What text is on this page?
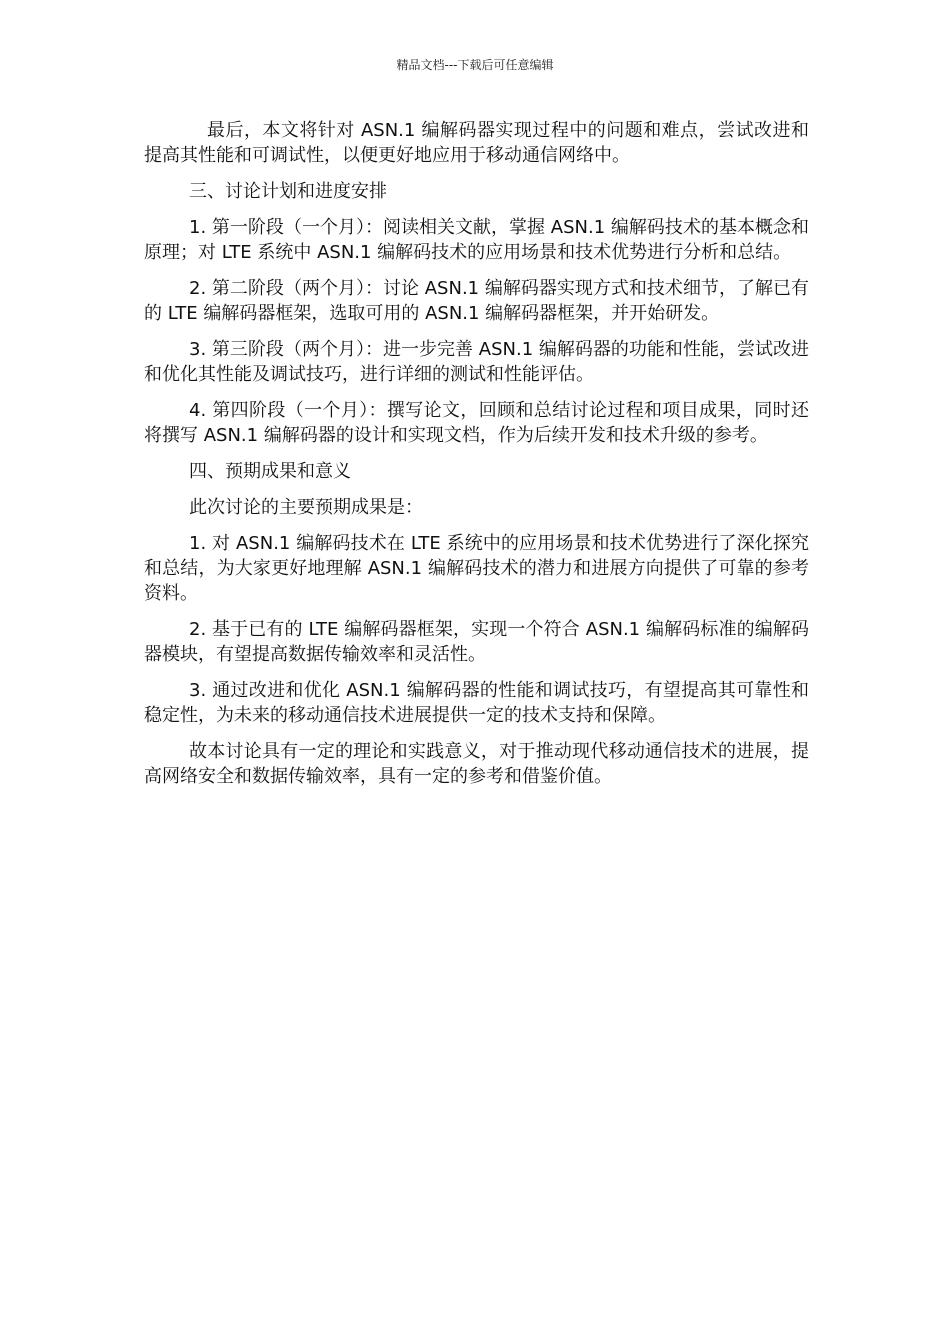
精品文档---下载后可任意编辑

最后，本文将针对 ASN.1 编解码器实现过程中的问题和难点，尝试改进和提高其性能和可调试性，以便更好地应用于移动通信网络中。

三、讨论计划和进度安排

1. 第一阶段（一个月）：阅读相关文献，掌握 ASN.1 编解码技术的基本概念和原理；对 LTE 系统中 ASN.1 编解码技术的应用场景和技术优势进行分析和总结。

2. 第二阶段（两个月）：讨论 ASN.1 编解码器实现方式和技术细节，了解已有的 LTE 编解码器框架，选取可用的 ASN.1 编解码器框架，并开始研发。

3. 第三阶段（两个月）：进一步完善 ASN.1 编解码器的功能和性能，尝试改进和优化其性能及调试技巧，进行详细的测试和性能评估。

4. 第四阶段（一个月）：撰写论文，回顾和总结讨论过程和项目成果，同时还将撰写 ASN.1 编解码器的设计和实现文档，作为后续开发和技术升级的参考。

四、预期成果和意义

此次讨论的主要预期成果是：

1. 对 ASN.1 编解码技术在 LTE 系统中的应用场景和技术优势进行了深化探究和总结，为大家更好地理解 ASN.1 编解码技术的潜力和进展方向提供了可靠的参考资料。

2. 基于已有的 LTE 编解码器框架，实现一个符合 ASN.1 编解码标准的编解码器模块，有望提高数据传输效率和灵活性。

3. 通过改进和优化 ASN.1 编解码器的性能和调试技巧，有望提高其可靠性和稳定性，为未来的移动通信技术进展提供一定的技术支持和保障。

故本讨论具有一定的理论和实践意义，对于推动现代移动通信技术的进展，提高网络安全和数据传输效率，具有一定的参考和借鉴价值。
